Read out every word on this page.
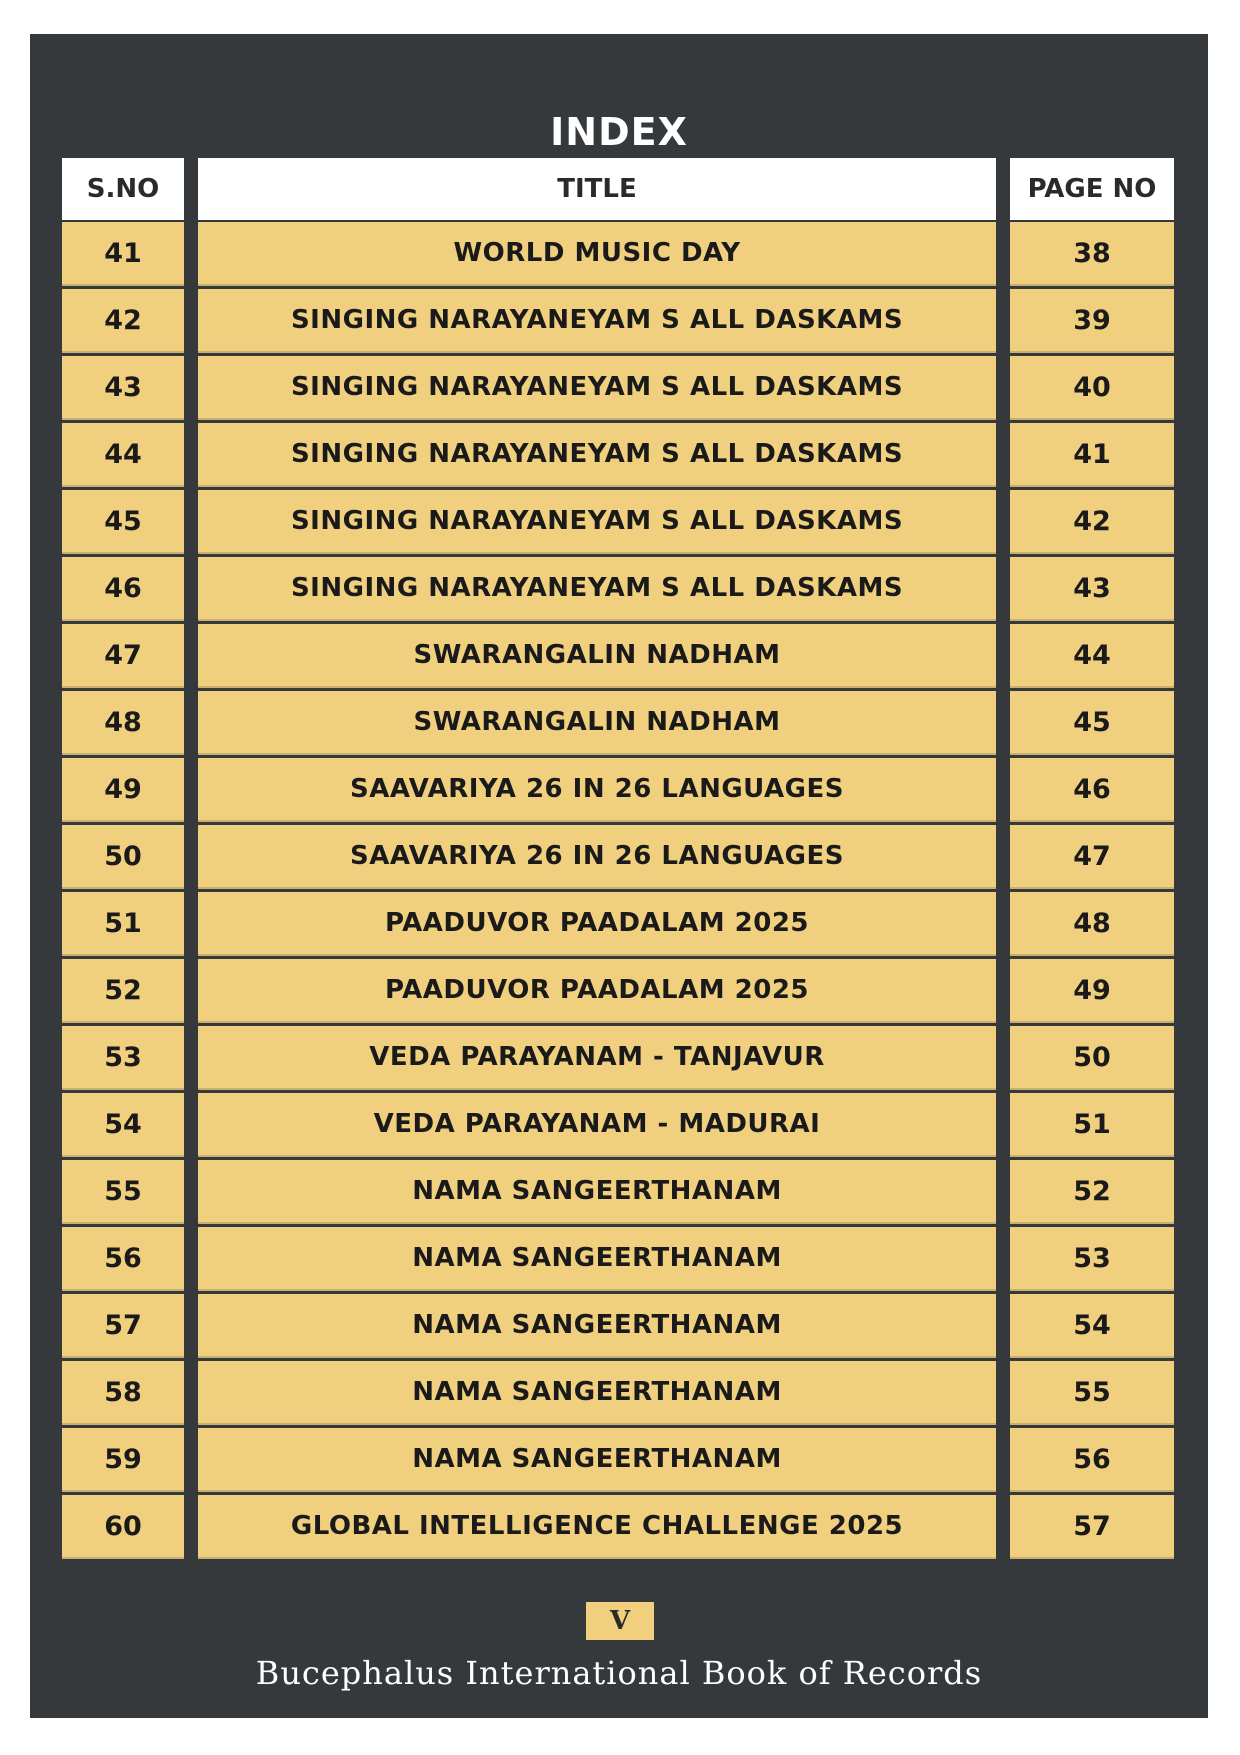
INDEX
S.NO	TITLE	PAGE NO
41	WORLD MUSIC DAY	38
42	SINGING NARAYANEYAM S ALL DASKAMS	39
43	SINGING NARAYANEYAM S ALL DASKAMS	40
44	SINGING NARAYANEYAM S ALL DASKAMS	41
45	SINGING NARAYANEYAM S ALL DASKAMS	42
46	SINGING NARAYANEYAM S ALL DASKAMS	43
47	SWARANGALIN NADHAM	44
48	SWARANGALIN NADHAM	45
49	SAAVARIYA 26 IN 26 LANGUAGES	46
50	SAAVARIYA 26 IN 26 LANGUAGES	47
51	PAADUVOR PAADALAM 2025	48
52	PAADUVOR PAADALAM 2025	49
53	VEDA PARAYANAM - TANJAVUR	50
54	VEDA PARAYANAM - MADURAI	51
55	NAMA SANGEERTHANAM	52
56	NAMA SANGEERTHANAM	53
57	NAMA SANGEERTHANAM	54
58	NAMA SANGEERTHANAM	55
59	NAMA SANGEERTHANAM	56
60	GLOBAL INTELLIGENCE CHALLENGE 2025	57
V
Bucephalus International Book of Records
